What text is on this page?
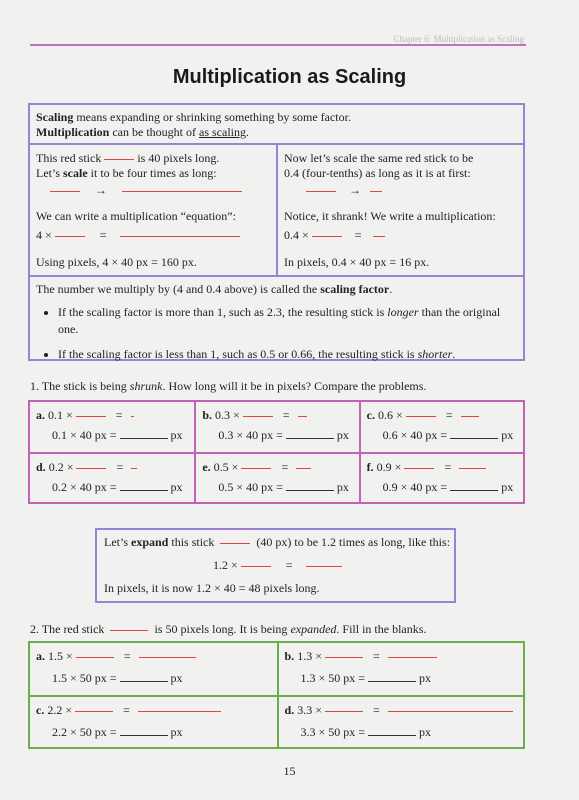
Chapter 6: Multiplication as Scaling
Multiplication as Scaling
Scaling means expanding or shrinking something by some factor.
Multiplication can be thought of as scaling.
This red stick	is 40 pixels long.
Let’s scale it to be four times as long:
→
We can write a multiplication “equation”:
4 ×	=
Using pixels, 4 × 40 px = 160 px.
Now let’s scale the same red stick to be
0.4 (four-tenths) as long as it is at first:
→
Notice, it shrank! We write a multiplication:
0.4 ×	=
In pixels, 0.4 × 40 px = 16 px.
The number we multiply by (4 and 0.4 above) is called the scaling factor.
• If the scaling factor is more than 1, such as 2.3, the resulting stick is longer than the original one.
• If the scaling factor is less than 1, such as 0.5 or 0.66, the resulting stick is shorter.
1. The stick is being shrunk. How long will it be in pixels? Compare the problems.
a. 0.1 ×	=
0.1 × 40 px =	px
b. 0.3 ×	=
0.3 × 40 px =	px
c. 0.6 ×	=
0.6 × 40 px =	px
d. 0.2 ×	=
0.2 × 40 px =	px
e. 0.5 ×	=
0.5 × 40 px =	px
f. 0.9 ×	=
0.9 × 40 px =	px
Let’s expand this stick	(40 px) to be 1.2 times as long, like this:
1.2 ×	=
In pixels, it is now 1.2 × 40 = 48 pixels long.
2. The red stick	is 50 pixels long. It is being expanded. Fill in the blanks.
a. 1.5 ×	=
1.5 × 50 px =	px
b. 1.3 ×	=
1.3 × 50 px =	px
c. 2.2 ×	=
2.2 × 50 px =	px
d. 3.3 ×	=
3.3 × 50 px =	px
15
